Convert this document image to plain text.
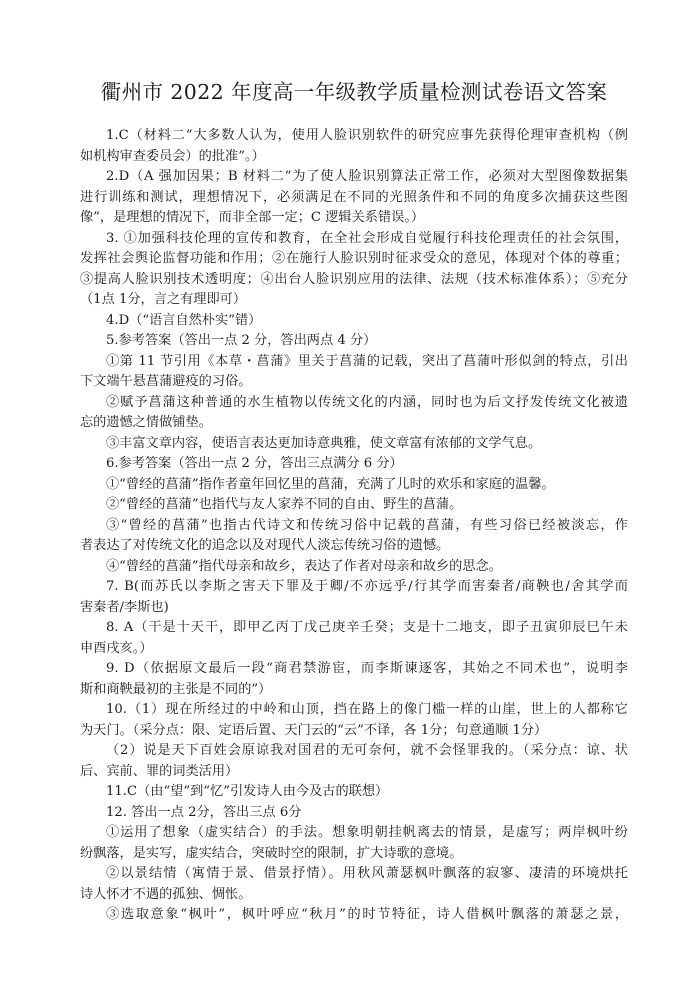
衢州市 2022 年度高一年级教学质量检测试卷语文答案
1.C（材料二“大多数人认为，使用人脸识别软件的研究应事先获得伦理审查机构（例
如机构审查委员会）的批准”。）
2.D（A 强加因果；B 材料二“为了使人脸识别算法正常工作，必须对大型图像数据集
进行训练和测试，理想情况下，必须满足在不同的光照条件和不同的角度多次捕获这些图
像”，是理想的情况下，而非全部一定；C 逻辑关系错误。）
3. ①加强科技伦理的宣传和教育，在全社会形成自觉履行科技伦理责任的社会氛围，
发挥社会舆论监督功能和作用；②在施行人脸识别时征求受众的意见，体现对个体的尊重；
③提高人脸识别技术透明度；④出台人脸识别应用的法律、法规（技术标准体系）；⑤充分
（1点 1分，言之有理即可）
4.D（“语言自然朴实”错）
5.参考答案（答出一点 2 分，答出两点 4 分）
①第 11 节引用《本草・菖蒲》里关于菖蒲的记载，突出了菖蒲叶形似剑的特点，引出
下文端午悬菖蒲避疫的习俗。
②赋予菖蒲这种普通的水生植物以传统文化的内涵，同时也为后文抒发传统文化被遗
忘的遗憾之情做铺垫。
③丰富文章内容，使语言表达更加诗意典雅，使文章富有浓郁的文学气息。
6.参考答案（答出一点 2 分，答出三点满分 6 分）
①“曾经的菖蒲”指作者童年回忆里的菖蒲，充满了儿时的欢乐和家庭的温馨。
②“曾经的菖蒲”也指代与友人家养不同的自由、野生的菖蒲。
③“曾经的菖蒲”也指古代诗文和传统习俗中记载的菖蒲，有些习俗已经被淡忘，作
者表达了对传统文化的追念以及对现代人淡忘传统习俗的遗憾。
④“曾经的菖蒲”指代母亲和故乡，表达了作者对母亲和故乡的思念。
7. B(而苏氏以李斯之害天下罪及于卿/不亦远乎/行其学而害秦者/商鞅也/舍其学而
害秦者/李斯也)
8. A（干是十天干，即甲乙丙丁戊己庚辛壬癸；支是十二地支，即子丑寅卯辰巳午未
申酉戌亥。）
9. D（依据原文最后一段“商君禁游宦，而李斯谏逐客，其始之不同术也”，说明李
斯和商鞅最初的主张是不同的”）
10.（1）现在所经过的中岭和山顶，挡在路上的像门槛一样的山崖，世上的人都称它
为天门。（采分点：限、定语后置、天门云的“云”不译，各 1分；句意通顺 1分）
（2）说是天下百姓会原谅我对国君的无可奈何，就不会怪罪我的。（采分点：谅、状
后、宾前、罪的词类活用）
11.C（由“望”到“忆”引发诗人由今及古的联想）
12. 答出一点 2分，答出三点 6分
①运用了想象（虚实结合）的手法。想象明朝挂帆离去的情景，是虚写；两岸枫叶纷
纷飘落，是实写，虚实结合，突破时空的限制，扩大诗歌的意境。
②以景结情（寓情于景、借景抒情）。用秋风萧瑟枫叶飘落的寂寥、凄清的环境烘托
诗人怀才不遇的孤独、惆怅。
③选取意象“枫叶”，枫叶呼应“秋月”的时节特征，诗人借枫叶飘落的萧瑟之景，
